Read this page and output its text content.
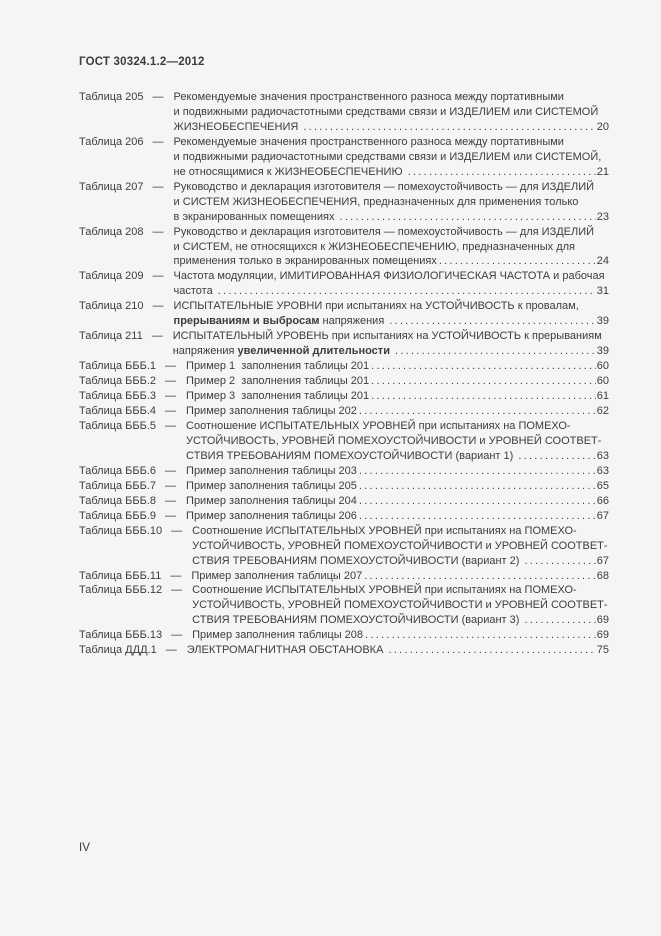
ГОСТ 30324.1.2—2012
Таблица 205 — Рекомендуемые значения пространственного разноса между портативными
и подвижными радиочастотными средствами связи и ИЗДЕЛИЕМ или СИСТЕМОЙ
ЖИЗНЕОБЕСПЕЧЕНИЯ . . .	20
Таблица 206 — Рекомендуемые значения пространственного разноса между портативными
и подвижными радиочастотными средствами связи и ИЗДЕЛИЕМ или СИСТЕМОЙ,
не относящимися к ЖИЗНЕОБЕСПЕЧЕНИЮ . . .	21
Таблица 207 — Руководство и декларация изготовителя — помехоустойчивость — для ИЗДЕЛИЙ
и СИСТЕМ ЖИЗНЕОБЕСПЕЧЕНИЯ, предназначенных для применения только
в экранированных помещениях . . .	23
Таблица 208 — Руководство и декларация изготовителя — помехоустойчивость — для ИЗДЕЛИЙ
и СИСТЕМ, не относящихся к ЖИЗНЕОБЕСПЕЧЕНИЮ, предназначенных для
применения только в экранированных помещениях . . .	24
Таблица 209 — Частота модуляции, ИМИТИРОВАННАЯ ФИЗИОЛОГИЧЕСКАЯ ЧАСТОТА и рабочая
частота . . .	31
Таблица 210 — ИСПЫТАТЕЛЬНЫЕ УРОВНИ при испытаниях на УСТОЙЧИВОСТЬ к провалам,
прерываниям и выбросам напряжения . . .	39
Таблица 211 — ИСПЫТАТЕЛЬНЫЙ УРОВЕНЬ при испытаниях на УСТОЙЧИВОСТЬ к прерываниям
напряжения увеличенной длительности
. . .	39
Таблица БББ.1 — Пример 1  заполнения таблицы 201 . . .	60
Таблица БББ.2 — Пример 2  заполнения таблицы 201 . . .	60
Таблица БББ.3 — Пример 3  заполнения таблицы 201 . . .	61
Таблица БББ.4 — Пример заполнения таблицы 202 . . .	62
Таблица БББ.5 — Соотношение ИСПЫТАТЕЛЬНЫХ УРОВНЕЙ при испытаниях на ПОМЕХО-
УСТОЙЧИВОСТЬ, УРОВНЕЙ ПОМЕХОУСТОЙЧИВОСТИ и УРОВНЕЙ СООТВЕТ-
СТВИЯ ТРЕБОВАНИЯМ ПОМЕХОУСТОЙЧИВОСТИ (вариант 1) . . .	63
Таблица БББ.6 — Пример заполнения таблицы 203 . . .	63
Таблица БББ.7 — Пример заполнения таблицы 205 . . .	65
Таблица БББ.8 — Пример заполнения таблицы 204 . . .	66
Таблица БББ.9 — Пример заполнения таблицы 206 . . .	67
Таблица БББ.10 — Соотношение ИСПЫТАТЕЛЬНЫХ УРОВНЕЙ при испытаниях на ПОМЕХО-
УСТОЙЧИВОСТЬ, УРОВНЕЙ ПОМЕХОУСТОЙЧИВОСТИ и УРОВНЕЙ СООТВЕТ-
СТВИЯ ТРЕБОВАНИЯМ ПОМЕХОУСТОЙЧИВОСТИ (вариант 2) . . .	67
Таблица БББ.11 — Пример заполнения таблицы 207 . . .	68
Таблица БББ.12 — Соотношение ИСПЫТАТЕЛЬНЫХ УРОВНЕЙ при испытаниях на ПОМЕХО-
УСТОЙЧИВОСТЬ, УРОВНЕЙ ПОМЕХОУСТОЙЧИВОСТИ и УРОВНЕЙ СООТВЕТ-
СТВИЯ ТРЕБОВАНИЯМ ПОМЕХОУСТОЙЧИВОСТИ (вариант 3) . . .	69
Таблица БББ.13 — Пример заполнения таблицы 208 . . .	69
Таблица ДДД.1 — ЭЛЕКТРОМАГНИТНАЯ ОБСТАНОВКА . . .	75
IV
